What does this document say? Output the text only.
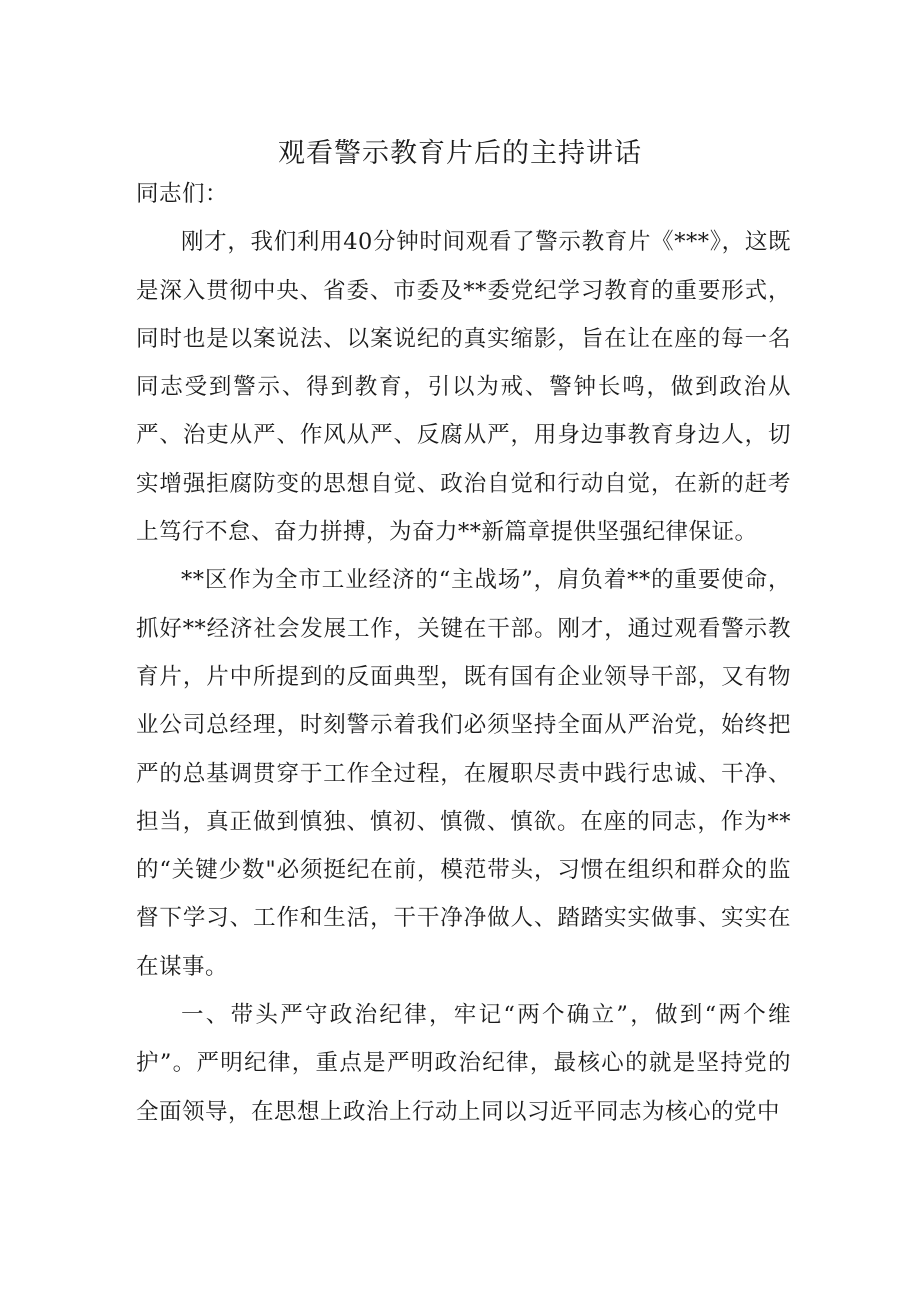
观看警示教育片后的主持讲话

同志们：

刚才，我们利用40分钟时间观看了警示教育片《***》，这既是深入贯彻中央、省委、市委及**委党纪学习教育的重要形式，同时也是以案说法、以案说纪的真实缩影，旨在让在座的每一名同志受到警示、得到教育，引以为戒、警钟长鸣，做到政治从严、治吏从严、作风从严、反腐从严，用身边事教育身边人，切实增强拒腐防变的思想自觉、政治自觉和行动自觉，在新的赶考上笃行不怠、奋力拼搏，为奋力**新篇章提供坚强纪律保证。

**区作为全市工业经济的“主战场”，肩负着**的重要使命，抓好**经济社会发展工作，关键在干部。刚才，通过观看警示教育片，片中所提到的反面典型，既有国有企业领导干部，又有物业公司总经理，时刻警示着我们必须坚持全面从严治党，始终把严的总基调贯穿于工作全过程，在履职尽责中践行忠诚、干净、担当，真正做到慎独、慎初、慎微、慎欲。在座的同志，作为**的“关键少数"必须挺纪在前，模范带头，习惯在组织和群众的监督下学习、工作和生活，干干净净做人、踏踏实实做事、实实在在谋事。

一、带头严守政治纪律，牢记“两个确立”，做到“两个维护”。严明纪律，重点是严明政治纪律，最核心的就是坚持党的全面领导，在思想上政治上行动上同以习近平同志为核心的党中
